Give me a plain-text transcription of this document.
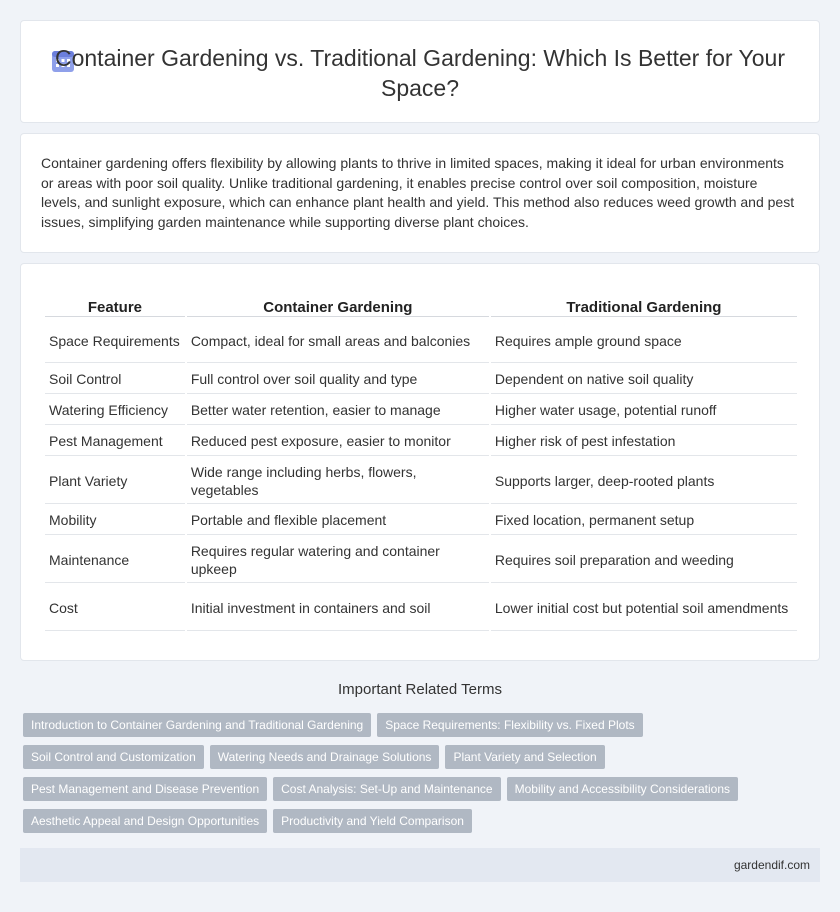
Container Gardening vs. Traditional Gardening: Which Is Better for Your Space?

Container gardening offers flexibility by allowing plants to thrive in limited spaces, making it ideal for urban environments or areas with poor soil quality. Unlike traditional gardening, it enables precise control over soil composition, moisture levels, and sunlight exposure, which can enhance plant health and yield. This method also reduces weed growth and pest issues, simplifying garden maintenance while supporting diverse plant choices.

Feature	Container Gardening	Traditional Gardening
Space Requirements	Compact, ideal for small areas and balconies	Requires ample ground space
Soil Control	Full control over soil quality and type	Dependent on native soil quality
Watering Efficiency	Better water retention, easier to manage	Higher water usage, potential runoff
Pest Management	Reduced pest exposure, easier to monitor	Higher risk of pest infestation
Plant Variety	Wide range including herbs, flowers, vegetables	Supports larger, deep-rooted plants
Mobility	Portable and flexible placement	Fixed location, permanent setup
Maintenance	Requires regular watering and container upkeep	Requires soil preparation and weeding
Cost	Initial investment in containers and soil	Lower initial cost but potential soil amendments
Important Related Terms
Introduction to Container Gardening and Traditional Gardening	Space Requirements: Flexibility vs. Fixed Plots
Soil Control and Customization	Watering Needs and Drainage Solutions	Plant Variety and Selection
Pest Management and Disease Prevention	Cost Analysis: Set-Up and Maintenance	Mobility and Accessibility Considerations
Aesthetic Appeal and Design Opportunities	Productivity and Yield Comparison
gardendif.com
